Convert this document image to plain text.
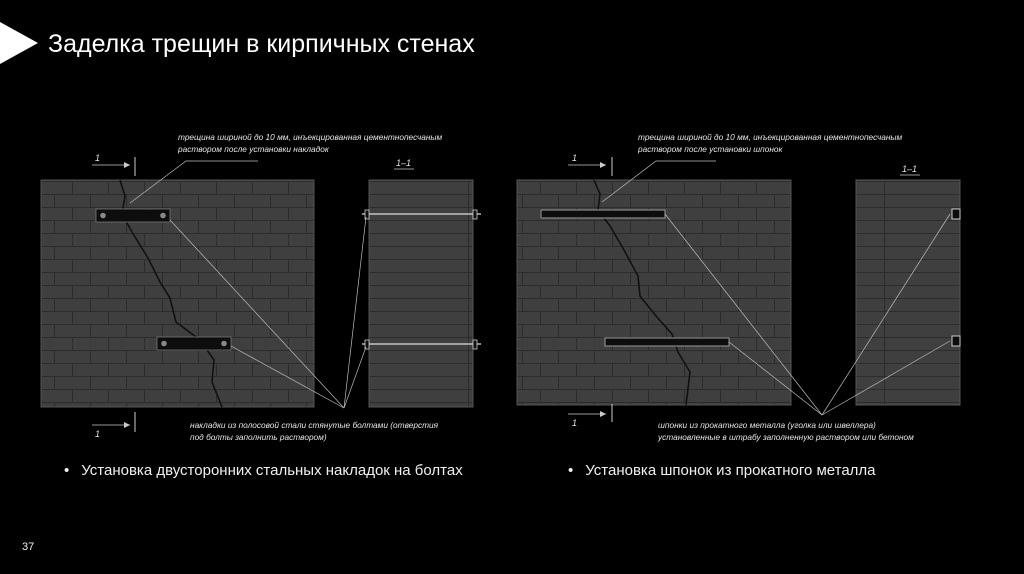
Заделка трещин в кирпичных стенах
1–1
1
1
трещина шириной до 10 мм, инъекцированная цементнопесчаным
раствором после установки накладок
накладки из полосовой стали стянутые болтами (отверстия
под болты заполнить раствором)
1–1
1
1
трещина шириной до 10 мм, инъекцированная цементнопесчаным
раствором после установки шпонок
шпонки из прокатного металла (уголка или швеллера)
установленные в штрабу заполненную раствором или бетоном
• Установка двусторонних стальных накладок на болтах	• Установка шпонок из прокатного металла
37
